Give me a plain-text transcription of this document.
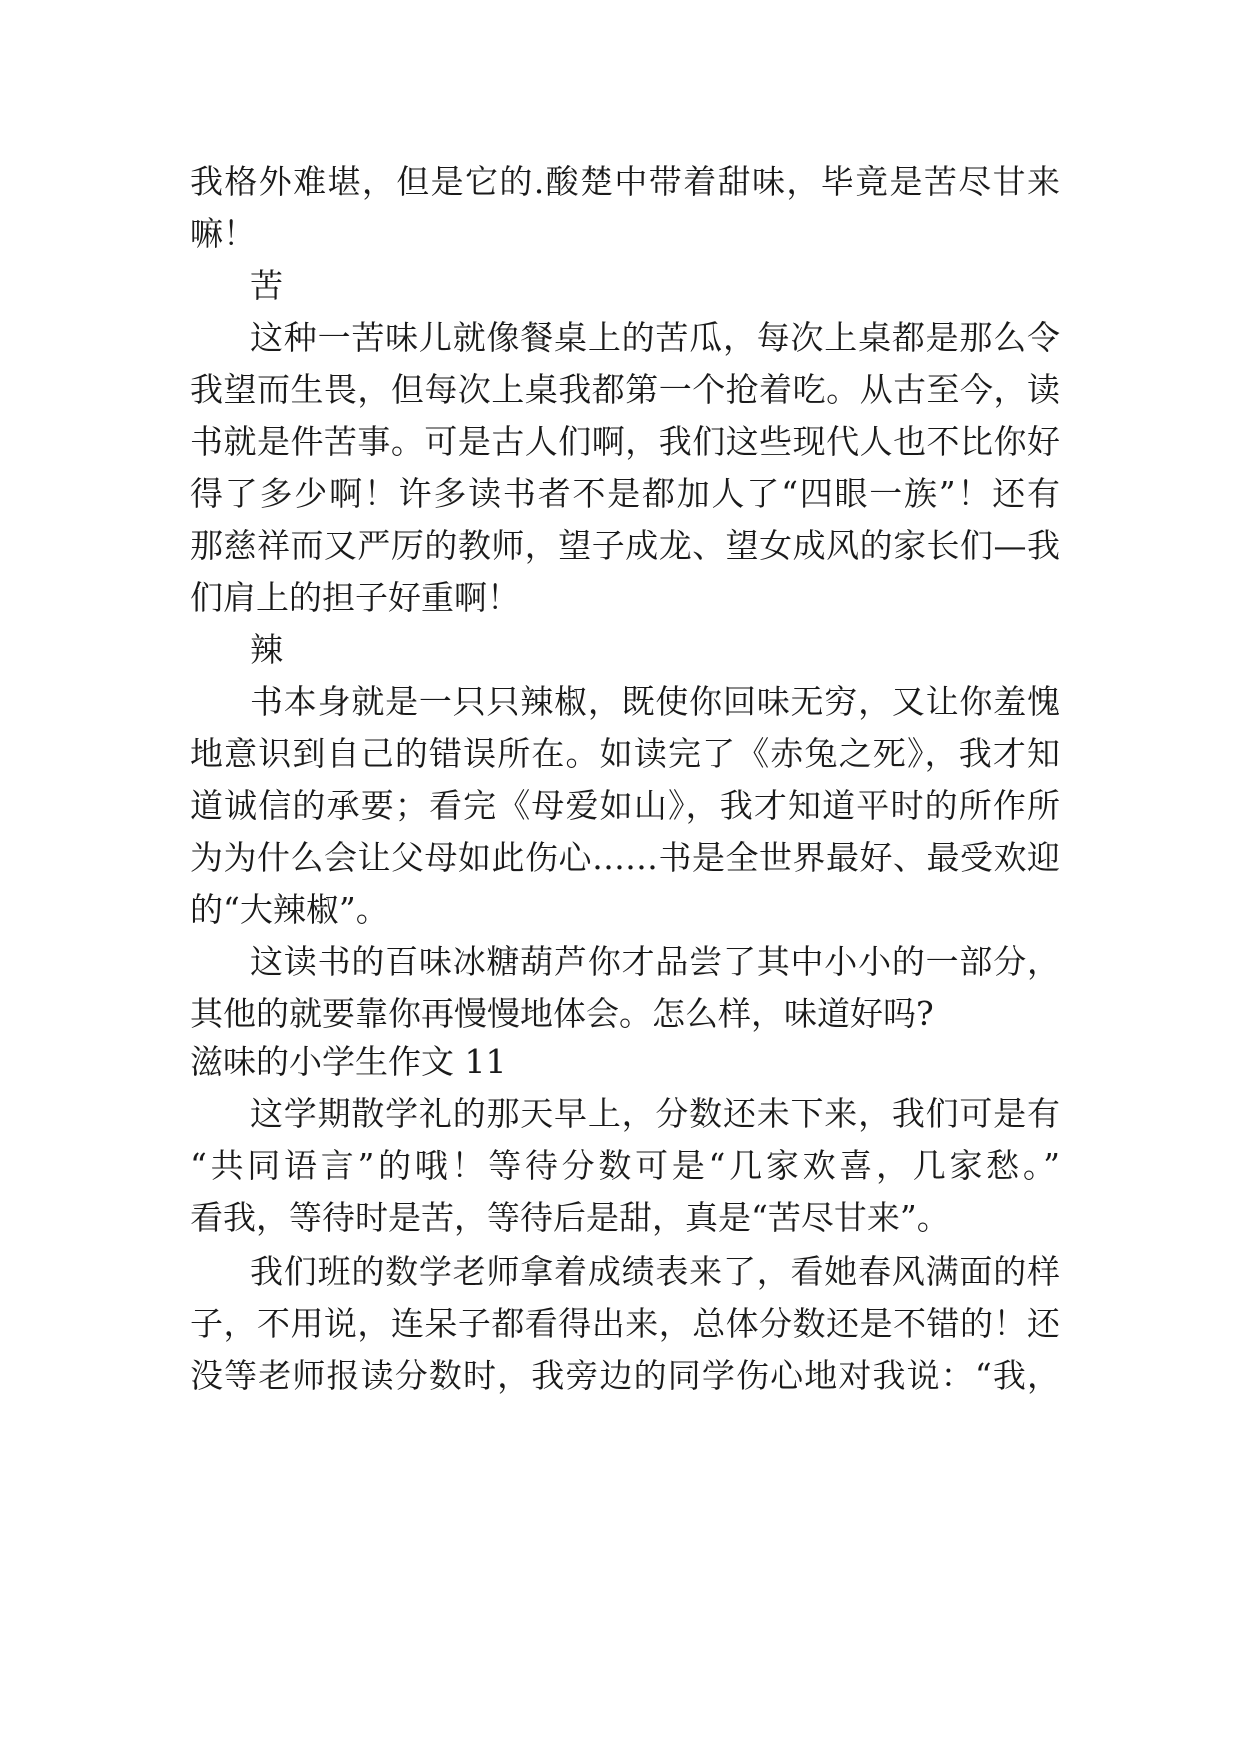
我格外难堪，但是它的.酸楚中带着甜味，毕竟是苦尽甘来
嘛！
苦
这种一苦味儿就像餐桌上的苦瓜，每次上桌都是那么令
我望而生畏，但每次上桌我都第一个抢着吃。从古至今，读
书就是件苦事。可是古人们啊，我们这些现代人也不比你好
得了多少啊！许多读书者不是都加人了“四眼一族”！还有
那慈祥而又严厉的教师，望子成龙、望女成风的家长们—我
们肩上的担子好重啊！
辣
书本身就是一只只辣椒，既使你回味无穷，又让你羞愧
地意识到自己的错误所在。如读完了《赤兔之死》，我才知
道诚信的承要；看完《母爱如山》，我才知道平时的所作所
为为什么会让父母如此伤心……书是全世界最好、最受欢迎
的“大辣椒”。
这读书的百味冰糖葫芦你才品尝了其中小小的一部分，
其他的就要靠你再慢慢地体会。怎么样，味道好吗?
滋味的小学生作文 11
这学期散学礼的那天早上，分数还未下来，我们可是有
“共同语言”的哦！等待分数可是“几家欢喜，几家愁。”
看我，等待时是苦，等待后是甜，真是“苦尽甘来”。
我们班的数学老师拿着成绩表来了，看她春风满面的样
子，不用说，连呆子都看得出来，总体分数还是不错的！还
没等老师报读分数时，我旁边的同学伤心地对我说：“我，
